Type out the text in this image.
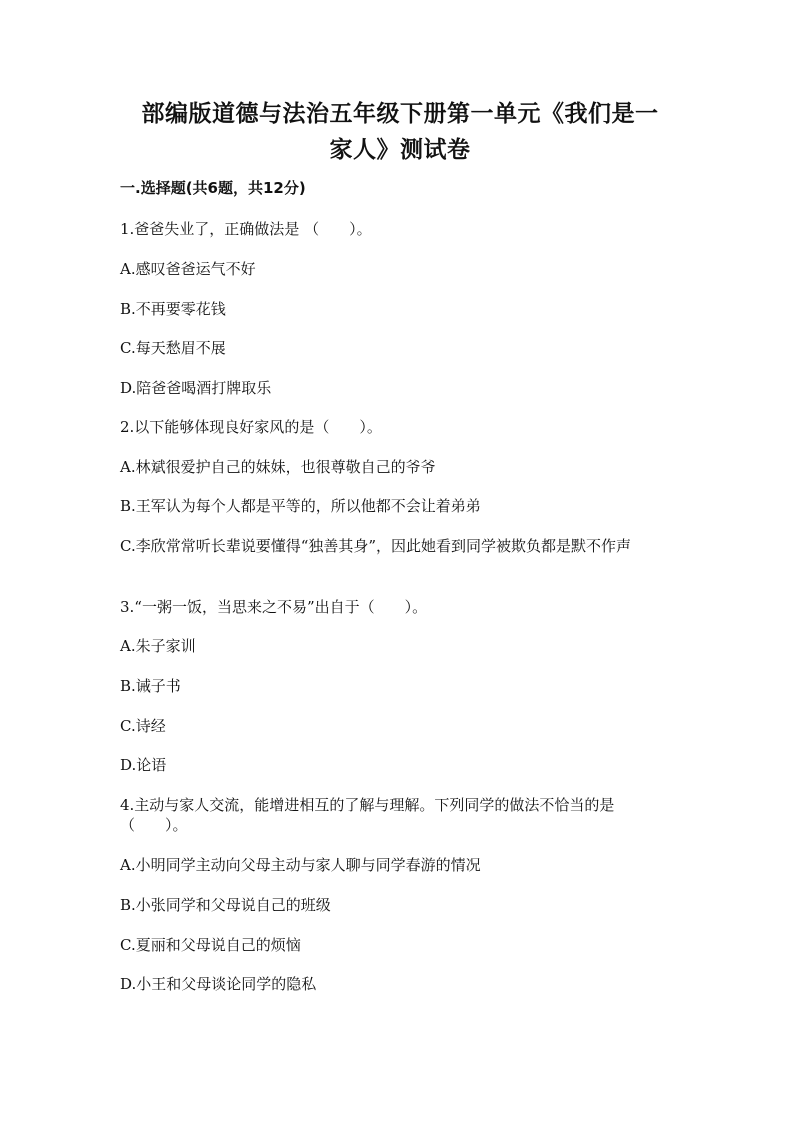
部编版道德与法治五年级下册第一单元《我们是一
家人》测试卷
一.选择题(共6题，共12分)
1.爸爸失业了，正确做法是 （　　）。
A.感叹爸爸运气不好
B.不再要零花钱
C.每天愁眉不展
D.陪爸爸喝酒打牌取乐
2.以下能够体现良好家风的是（　　）。
A.林斌很爱护自己的妹妹，也很尊敬自己的爷爷
B.王军认为每个人都是平等的，所以他都不会让着弟弟
C.李欣常常听长辈说要懂得“独善其身”，因此她看到同学被欺负都是默不作声
3.“一粥一饭，当思来之不易”出自于（　　）。
A.朱子家训
B.诫子书
C.诗经
D.论语
4.主动与家人交流，能增进相互的了解与理解。下列同学的做法不恰当的是（　　）。
A.小明同学主动向父母主动与家人聊与同学春游的情况
B.小张同学和父母说自己的班级
C.夏丽和父母说自己的烦恼
D.小王和父母谈论同学的隐私
